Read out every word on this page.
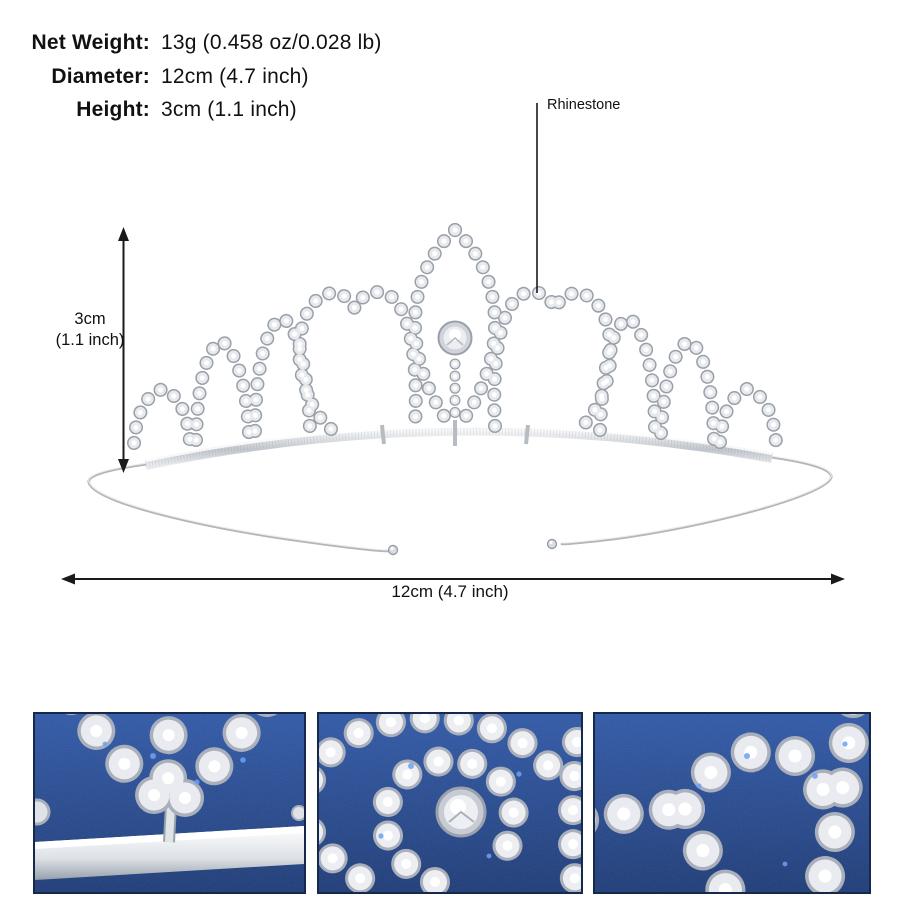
Net Weight: 13g (0.458 oz/0.028 lb)
Diameter: 12cm (4.7 inch)
Height: 3cm (1.1 inch)	Rhinestone
3cm
(1.1 inch)
12cm (4.7 inch)
